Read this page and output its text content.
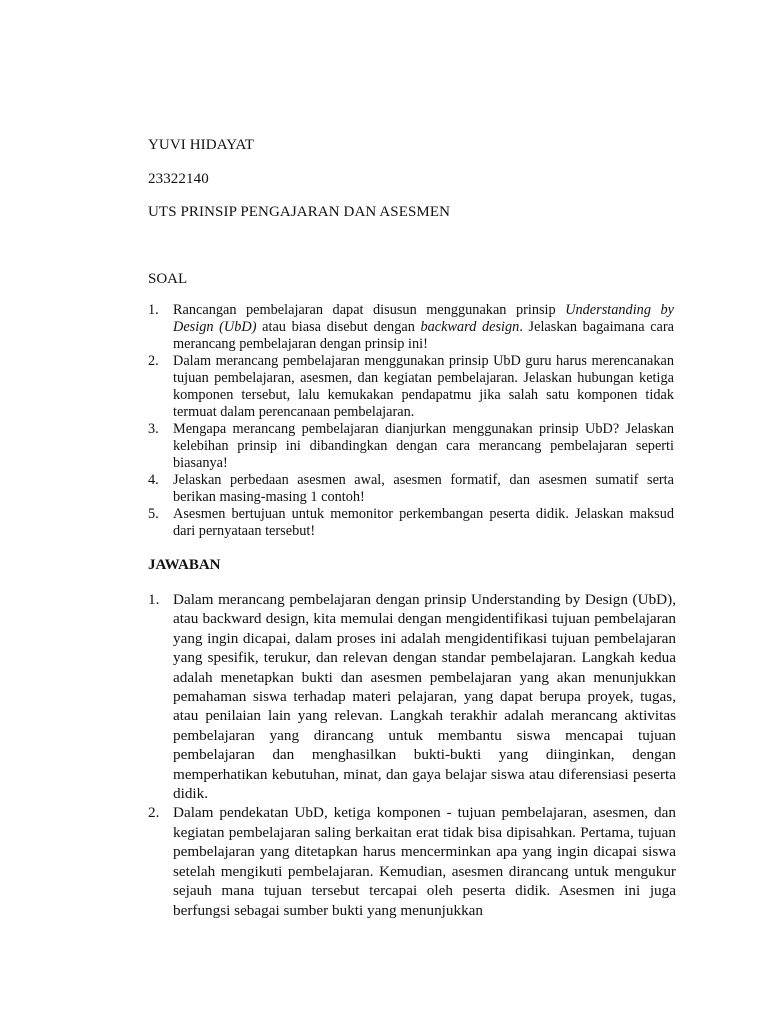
YUVI HIDAYAT
23322140
UTS PRINSIP PENGAJARAN DAN ASESMEN
SOAL
1. Rancangan pembelajaran dapat disusun menggunakan prinsip Understanding by Design (UbD) atau biasa disebut dengan backward design. Jelaskan bagaimana cara merancang pembelajaran dengan prinsip ini!
2. Dalam merancang pembelajaran menggunakan prinsip UbD guru harus merencanakan tujuan pembelajaran, asesmen, dan kegiatan pembelajaran. Jelaskan hubungan ketiga komponen tersebut, lalu kemukakan pendapatmu jika salah satu komponen tidak termuat dalam perencanaan pembelajaran.
3. Mengapa merancang pembelajaran dianjurkan menggunakan prinsip UbD? Jelaskan kelebihan prinsip ini dibandingkan dengan cara merancang pembelajaran seperti biasanya!
4. Jelaskan perbedaan asesmen awal, asesmen formatif, dan asesmen sumatif serta berikan masing-masing 1 contoh!
5. Asesmen bertujuan untuk memonitor perkembangan peserta didik. Jelaskan maksud dari pernyataan tersebut!
JAWABAN
1. Dalam merancang pembelajaran dengan prinsip Understanding by Design (UbD), atau backward design, kita memulai dengan mengidentifikasi tujuan pembelajaran yang ingin dicapai, dalam proses ini adalah mengidentifikasi tujuan pembelajaran yang spesifik, terukur, dan relevan dengan standar pembelajaran. Langkah kedua adalah menetapkan bukti dan asesmen pembelajaran yang akan menunjukkan pemahaman siswa terhadap materi pelajaran, yang dapat berupa proyek, tugas, atau penilaian lain yang relevan. Langkah terakhir adalah merancang aktivitas pembelajaran yang dirancang untuk membantu siswa mencapai tujuan pembelajaran dan menghasilkan bukti-bukti yang diinginkan, dengan memperhatikan kebutuhan, minat, dan gaya belajar siswa atau diferensiasi peserta didik.
2. Dalam pendekatan UbD, ketiga komponen - tujuan pembelajaran, asesmen, dan kegiatan pembelajaran saling berkaitan erat tidak bisa dipisahkan. Pertama, tujuan pembelajaran yang ditetapkan harus mencerminkan apa yang ingin dicapai siswa setelah mengikuti pembelajaran. Kemudian, asesmen dirancang untuk mengukur sejauh mana tujuan tersebut tercapai oleh peserta didik. Asesmen ini juga berfungsi sebagai sumber bukti yang menunjukkan
